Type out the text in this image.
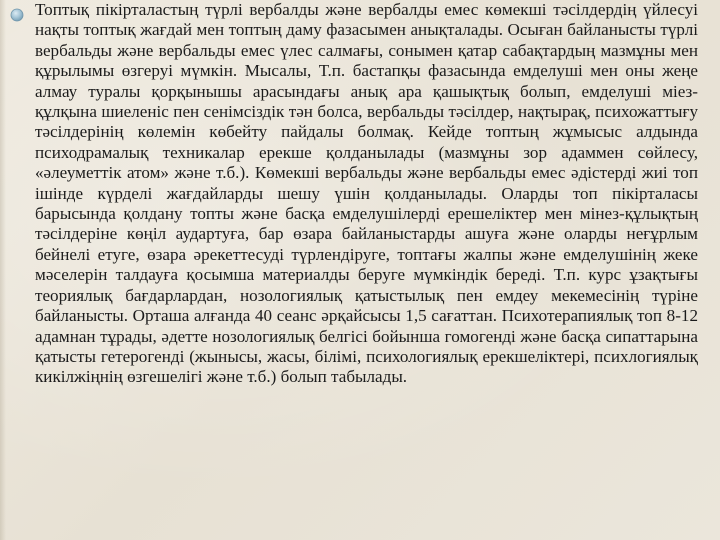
Топтық пікірталастың түрлі вербалды және вербалды емес көмекші тәсілдердің үйлесуі нақты топтық жағдай мен топтың даму фазасымен анықталады. Осыған байланысты түрлі вербальды және вербальды емес үлес салмағы, сонымен қатар сабақтардың мазмұны мен құрылымы өзгеруі мүмкін. Мысалы, Т.п. бастапқы фазасында емделуші мен оны жеңе алмау туралы қорқынышы арасындағы анық ара қашықтық болып, емделуші міез-құлқына шиеленіс пен сенімсіздік тән болса, вербальды тәсілдер, нақтырақ, психожаттығу тәсілдерінің көлемін көбейту пайдалы болмақ. Кейде топтың жұмысыс алдында психодрамалық техникалар ерекше қолданылады (мазмұны зор адаммен сөйлесу, «әлеуметтік атом» және т.б.). Көмекші вербальды және вербальды емес әдістерді жиі топ ішінде күрделі жағдайларды шешу үшін қолданылады. Оларды топ пікірталасы барысында қолдану топты және басқа емделушілерді ерешеліктер мен мінез-құлықтың тәсілдеріне көңіл аудартуға, бар өзара байланыстарды ашуға және оларды неғұрлым бейнелі етуге, өзара әрекеттесуді түрлендіруге, топтағы жалпы және емделушінің жеке мәселерін талдауға қосымша материалды беруге мүмкіндік береді. Т.п. курс ұзақтығы теориялық бағдарлардан, нозологиялық қатыстылық пен емдеу мекемесінің түріне байланысты. Орташа алғанда 40 сеанс әрқайсысы 1,5 сағаттан. Психотерапиялық топ 8-12 адамнан тұрады, әдетте нозологиялық белгісі бойынша гомогенді және басқа сипаттарына қатысты гетерогенді (жынысы, жасы, білімі, психологиялық ерекшеліктері, психлогиялық кикілжіңнің өзгешелігі және т.б.) болып табылады.
